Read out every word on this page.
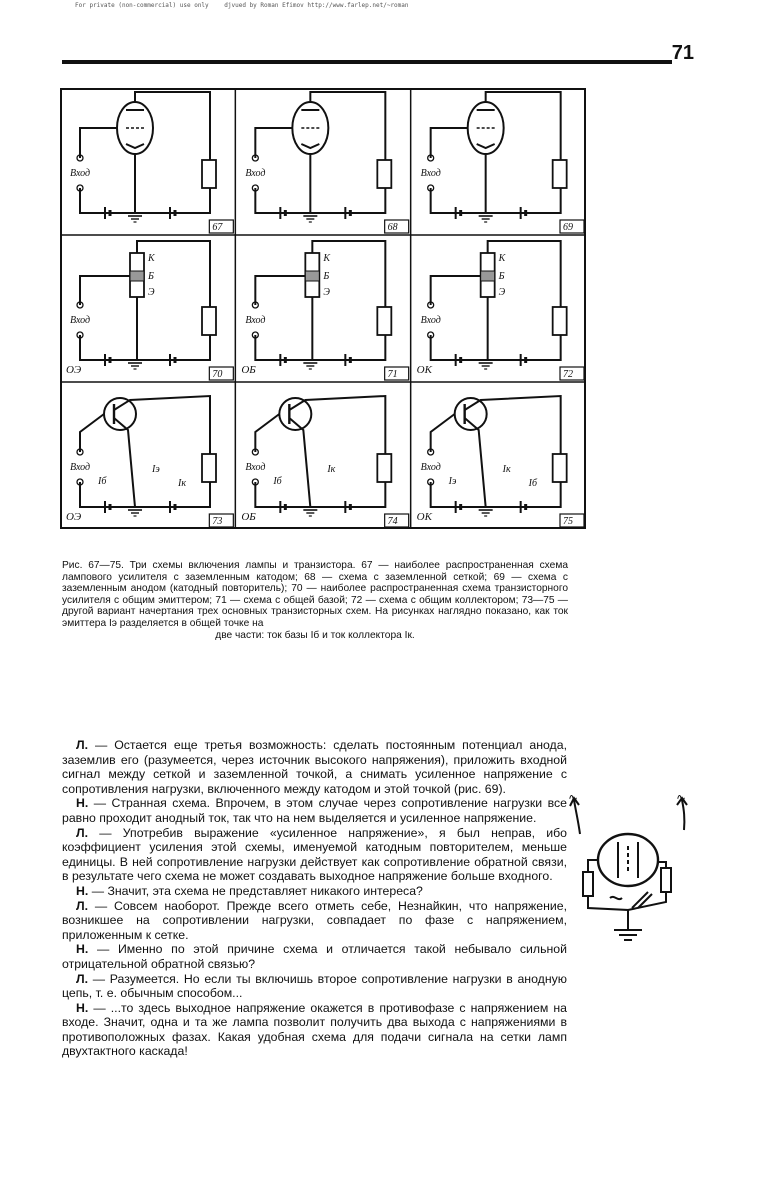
For private (non-commercial) use only	djvued by Roman Efimov http://www.farlep.net/~roman
71
Вход
67
Вход
68
Вход
69
Вход
К
Б
Э
ОЭ	70
Вход
К
Б
Э
ОБ	71
Вход
К
Б
Э
ОК	72
Вход
Iб
Iэ
Iк
ОЭ	73
Вход
Iб
Iк
ОБ	74
Вход
Iэ
Iк
Iб
ОК	75
Рис. 67—75. Три схемы включения лампы и транзистора. 67 — наиболее распространенная схема лампового усилителя с заземленным катодом; 68 — схема с заземленной сеткой; 69 — схема с заземленным анодом (катодный повторитель); 70 — наиболее распространенная схема транзисторного усилителя с общим эмиттером; 71 — схема с общей базой; 72 — схема с общим коллектором; 73—75 — другой вариант начертания трех основных транзисторных схем. На рисунках наглядно показано, как ток эмиттера Iэ разделяется в общей точке на
две части: ток базы Iб и ток коллектора Iк.

Л. — Остается еще третья возможность: сделать постоянным потенциал анода, заземлив его (разумеется, через источник высокого напряжения), приложить входной сигнал между сеткой и заземленной точкой, а снимать усиленное напряжение с сопротивления нагрузки, включенного между катодом и этой точкой (рис. 69).

Н. — Странная схема. Впрочем, в этом случае через сопротивление нагрузки все равно проходит анодный ток, так что на нем выделяется и усиленное напряжение.

Л. — Употребив выражение «усиленное напряжение», я был неправ, ибо коэффициент усиления этой схемы, именуемой катодным повторителем, меньше единицы. В ней сопротивление нагрузки действует как сопротивление обратной связи, в результате чего схема не может создавать выходное напряжение больше входного.

Н. — Значит, эта схема не представляет никакого интереса?

Л. — Совсем наоборот. Прежде всего отметь себе, Незнайкин, что напряжение, возникшее на сопротивлении нагрузки, совпадает по фазе с напряжением, приложенным к сетке.

Н. — Именно по этой причине схема и отличается такой небывало сильной отрицательной обратной связью?

Л. — Разумеется. Но если ты включишь второе сопротивление нагрузки в анодную цепь, т. е. обычным способом...

Н. — ...то здесь выходное напряжение окажется в противофазе с напряжением на входе. Значит, одна и та же лампа позволит получить два выхода с напряжениями в противоположных фазах. Какая удобная схема для подачи сигнала на сетки ламп двухтактного каскада!

∿	∿
